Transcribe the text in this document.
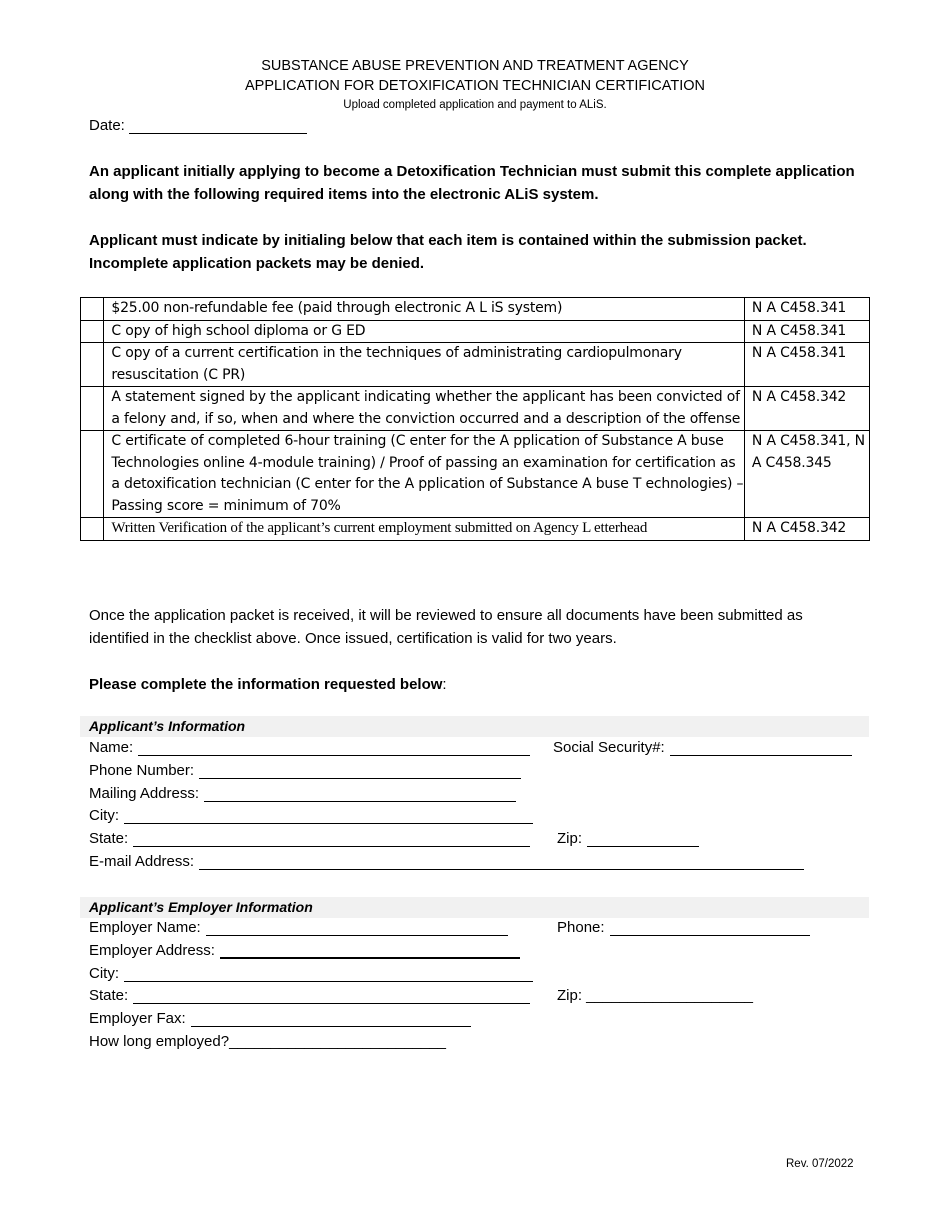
SUBSTANCE ABUSE PREVENTION AND TREATMENT AGENCY
APPLICATION FOR DETOXIFICATION TECHNICIAN CERTIFICATION
Upload completed application and payment to ALiS.
Date:
An applicant initially applying to become a Detoxification Technician must submit this complete application along with the following required items into the electronic ALiS system.
Applicant must indicate by initialing below that each item is contained within the submission packet. Incomplete application packets may be denied.
	$25.00 non-refundable fee (paid through electronic A L iS system)	N A C458.341
	C opy of high school diploma or G ED	N A C458.341
	C opy of a current certification in the techniques of administrating cardiopulmonary resuscitation (C PR)	N A C458.341
	A statement signed by the applicant indicating whether the applicant has been convicted of a felony and, if so, when and where the conviction occurred and a description of the offense	N A C458.342
	C ertificate of completed 6-hour training (C enter for the A pplication of Substance A buse Technologies online 4-module training) / Proof of passing an examination for certification as a detoxification technician (C enter for the A pplication of Substance A buse T echnologies) – Passing score = minimum of 70%	N A C458.341, N A C458.345
	Written Verification of the applicant’s current employment submitted on Agency L etterhead	N A C458.342
Once the application packet is received, it will be reviewed to ensure all documents have been submitted as identified in the checklist above. Once issued, certification is valid for two years.
Please complete the information requested below:
Applicant’s Information
Name:	Social Security#:
Phone Number:
Mailing Address:
City:
State:	Zip:
E-mail Address:
Applicant’s Employer Information
Employer Name:	Phone:
Employer Address:
City:
State:	Zip: ____________________
Employer Fax:
How long employed?__________________________
Rev. 07/2022
